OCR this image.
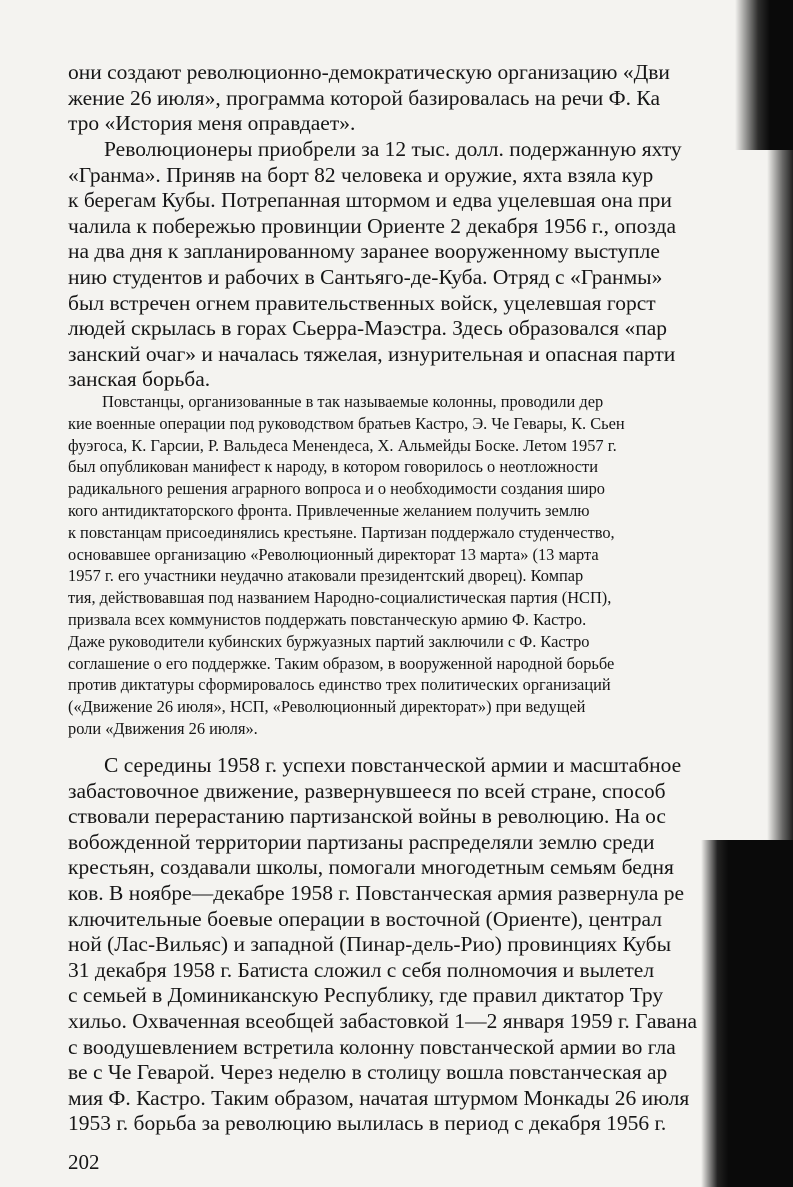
они создают революционно-демократическую организацию «Дви
жение 26 июля», программа которой базировалась на речи Ф. Ка
тро «История меня оправдает».

Революционеры приобрели за 12 тыс. долл. подержанную яхту
«Гранма». Приняв на борт 82 человека и оружие, яхта взяла кур
к берегам Кубы. Потрепанная штормом и едва уцелевшая она при
чалила к побережью провинции Ориенте 2 декабря 1956 г., опозда
на два дня к запланированному заранее вооруженному выступле
нию студентов и рабочих в Сантьяго-де-Куба. Отряд с «Гранмы»
был встречен огнем правительственных войск, уцелевшая горст
людей скрылась в горах Сьерра-Маэстра. Здесь образовался «пар
занский очаг» и началась тяжелая, изнурительная и опасная парти
занская борьба.

Повстанцы, организованные в так называемые колонны, проводили дер
кие военные операции под руководством братьев Кастро, Э. Че Гевары, К. Сьен
фуэгоса, К. Гарсии, Р. Вальдеса Менендеса, Х. Альмейды Боске. Летом 1957 г.
был опубликован манифест к народу, в котором говорилось о неотложности
радикального решения аграрного вопроса и о необходимости создания широ
кого антидиктаторского фронта. Привлеченные желанием получить землю
к повстанцам присоединялись крестьяне. Партизан поддержало студенчество,
основавшее организацию «Революционный директорат 13 марта» (13 марта
1957 г. его участники неудачно атаковали президентский дворец). Компар
тия, действовавшая под названием Народно-социалистическая партия (НСП),
призвала всех коммунистов поддержать повстанческую армию Ф. Кастро.
Даже руководители кубинских буржуазных партий заключили с Ф. Кастро
соглашение о его поддержке. Таким образом, в вооруженной народной борьбе
против диктатуры сформировалось единство трех политических организаций
(«Движение 26 июля», НСП, «Революционный директорат») при ведущей
роли «Движения 26 июля».

С середины 1958 г. успехи повстанческой армии и масштабное
забастовочное движение, развернувшееся по всей стране, способ
ствовали перерастанию партизанской войны в революцию. На ос
вобожденной территории партизаны распределяли землю среди
крестьян, создавали школы, помогали многодетным семьям бедня
ков. В ноябре—декабре 1958 г. Повстанческая армия развернула ре
ключительные боевые операции в восточной (Ориенте), централ
ной (Лас-Вильяс) и западной (Пинар-дель-Рио) провинциях Кубы
31 декабря 1958 г. Батиста сложил с себя полномочия и вылетел
с семьей в Доминиканскую Республику, где правил диктатор Тру
хильо. Охваченная всеобщей забастовкой 1—2 января 1959 г. Гавана
с воодушевлением встретила колонну повстанческой армии во гла
ве с Че Геварой. Через неделю в столицу вошла повстанческая ар
мия Ф. Кастро. Таким образом, начатая штурмом Монкады 26 июля
1953 г. борьба за революцию вылилась в период с декабря 1956 г.

202
